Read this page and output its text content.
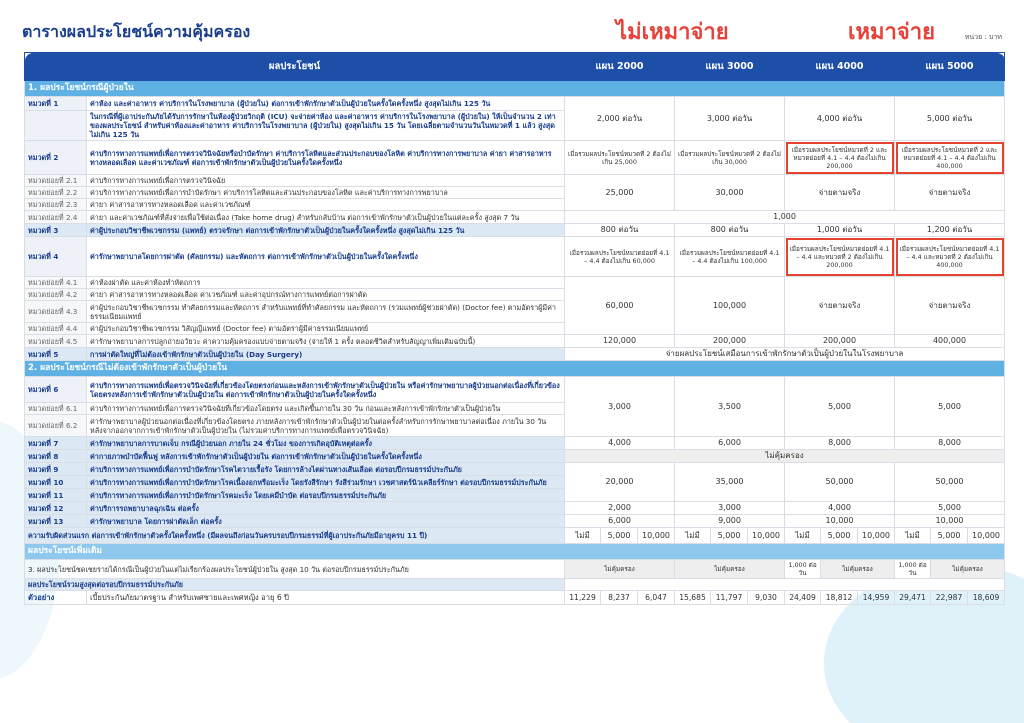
ตารางผลประโยชน์ความคุ้มครอง	ไม่เหมาจ่าย	เหมาจ่าย	หน่วย : บาท
ผลประโยชน์		แผน 2000			แผน 3000			แผน 4000			แผน 5000		
1. ผลประโยชน์กรณีผู้ป่วยใน													
หมวดที่ 1	ค่าห้อง และค่าอาหาร ค่าบริการในโรงพยาบาล (ผู้ป่วยใน) ต่อการเข้าพักรักษาตัวเป็นผู้ป่วยในครั้งใดครั้งหนึ่ง สูงสุดไม่เกิน 125 วัน	2,000 ต่อวัน			3,000 ต่อวัน			4,000 ต่อวัน			5,000 ต่อวัน		
	ในกรณีที่ผู้เอาประกันภัยได้รับการรักษาในห้องผู้ป่วยวิกฤติ (ICU) จะจ่ายค่าห้อง และค่าอาหาร ค่าบริการในโรงพยาบาล (ผู้ป่วยใน) ให้เป็นจำนวน 2 เท่าของผลประโยชน์ สำหรับค่าห้องและค่าอาหาร ค่าบริการในโรงพยาบาล (ผู้ป่วยใน) สูงสุดไม่เกิน 15 วัน โดยเฉลี่ยตามจำนวนวันในหมวดที่ 1 แล้ว สูงสุดไม่เกิน 125 วัน												
หมวดที่ 2	ค่าบริการทางการแพทย์เพื่อการตรวจวินิจฉัยหรือบำบัดรักษา ค่าบริการโลหิตและส่วนประกอบของโลหิต ค่าบริการทางการพยาบาล ค่ายา ค่าสารอาหารทางหลอดเลือด และค่าเวชภัณฑ์ ต่อการเข้าพักรักษาตัวเป็นผู้ป่วยในครั้งใดครั้งหนึ่ง	เมื่อรวมผลประโยชน์หมวดที่ 2 ต้องไม่เกิน 25,000			เมื่อรวมผลประโยชน์หมวดที่ 2 ต้องไม่เกิน 30,000			เมื่อรวมผลประโยชน์หมวดที่ 2 และหมวดย่อยที่ 4.1 – 4.4 ต้องไม่เกิน 200,000			เมื่อรวมผลประโยชน์หมวดที่ 2 และหมวดย่อยที่ 4.1 – 4.4 ต้องไม่เกิน 400,000		
หมวดย่อยที่ 2.1	ค่าบริการทางการแพทย์เพื่อการตรวจวินิจฉัย	25,000			30,000			จ่ายตามจริง			จ่ายตามจริง		
หมวดย่อยที่ 2.2	ค่าบริการทางการแพทย์เพื่อการบำบัดรักษา ค่าบริการโลหิตและส่วนประกอบของโลหิต และค่าบริการทางการพยาบาล												
หมวดย่อยที่ 2.3	ค่ายา ค่าสารอาหารทางหลอดเลือด และค่าเวชภัณฑ์												
หมวดย่อยที่ 2.4	ค่ายา และค่าเวชภัณฑ์ที่สั่งจ่ายเพื่อใช้ต่อเนื่อง (Take home drug) สำหรับกลับบ้าน ต่อการเข้าพักรักษาตัวเป็นผู้ป่วยในแต่ละครั้ง สูงสุด 7 วัน	1,000											
หมวดที่ 3	ค่าผู้ประกอบวิชาชีพเวชกรรม (แพทย์) ตรวจรักษา ต่อการเข้าพักรักษาตัวเป็นผู้ป่วยในครั้งใดครั้งหนึ่ง สูงสุดไม่เกิน 125 วัน	800 ต่อวัน			800 ต่อวัน			1,000 ต่อวัน			1,200 ต่อวัน		
หมวดที่ 4	ค่ารักษาพยาบาลโดยการผ่าตัด (ศัลยกรรม) และหัตถการ ต่อการเข้าพักรักษาตัวเป็นผู้ป่วยในครั้งใดครั้งหนึ่ง	เมื่อรวมผลประโยชน์หมวดย่อยที่ 4.1 – 4.4 ต้องไม่เกิน 60,000			เมื่อรวมผลประโยชน์หมวดย่อยที่ 4.1 – 4.4 ต้องไม่เกิน 100,000			เมื่อรวมผลประโยชน์หมวดย่อยที่ 4.1 – 4.4 และหมวดที่ 2 ต้องไม่เกิน 200,000			เมื่อรวมผลประโยชน์หมวดย่อยที่ 4.1 – 4.4 และหมวดที่ 2 ต้องไม่เกิน 400,000		
หมวดย่อยที่ 4.1	ค่าห้องผ่าตัด และค่าห้องทำหัตถการ	60,000			100,000			จ่ายตามจริง			จ่ายตามจริง		
หมวดย่อยที่ 4.2	ค่ายา ค่าสารอาหารทางหลอดเลือด ค่าเวชภัณฑ์ และค่าอุปกรณ์ทางการแพทย์ต่อการผ่าตัด												
หมวดย่อยที่ 4.3	ค่าผู้ประกอบวิชาชีพเวชกรรม ทำศัลยกรรมและหัตถการ สำหรับแพทย์ที่ทำศัลยกรรม และหัตถการ (รวมแพทย์ผู้ช่วยผ่าตัด) (Doctor fee) ตามอัตราผู้มีค่าธรรมเนียมแพทย์												
หมวดย่อยที่ 4.4	ค่าผู้ประกอบวิชาชีพเวชกรรม วิสัญญีแพทย์ (Doctor fee) ตามอัตราผู้มีค่าธรรมเนียมแพทย์												
หมวดย่อยที่ 4.5	ค่ารักษาพยาบาลการปลูกถ่ายอวัยวะ ค่าความคุ้มครองแบบจ่ายตามจริง (จ่ายให้ 1 ครั้ง ตลอดชีวิตสำหรับสัญญาเพิ่มเติมฉบับนี้)	120,000			200,000			200,000			400,000		
หมวดที่ 5	การผ่าตัดใหญ่ที่ไม่ต้องเข้าพักรักษาตัวเป็นผู้ป่วยใน (Day Surgery)	จ่ายผลประโยชน์เสมือนการเข้าพักรักษาตัวเป็นผู้ป่วยในในโรงพยาบาล											
2. ผลประโยชน์กรณีไม่ต้องเข้าพักรักษาตัวเป็นผู้ป่วยใน													
หมวดที่ 6	ค่าบริการทางการแพทย์เพื่อตรวจวินิจฉัยที่เกี่ยวข้องโดยตรงก่อนและหลังการเข้าพักรักษาตัวเป็นผู้ป่วยใน หรือค่ารักษาพยาบาลผู้ป่วยนอกต่อเนื่องที่เกี่ยวข้องโดยตรงหลังการเข้าพักรักษาตัวเป็นผู้ป่วยใน ต่อการเข้าพักรักษาตัวเป็นผู้ป่วยในครั้งใดครั้งหนึ่ง	3,000			3,500			5,000			5,000		
หมวดย่อยที่ 6.1	ค่าบริการทางการแพทย์เพื่อการตรวจวินิจฉัยที่เกี่ยวข้องโดยตรง และเกิดขึ้นภายใน 30 วัน ก่อนและหลังการเข้าพักรักษาตัวเป็นผู้ป่วยใน												
หมวดย่อยที่ 6.2	ค่ารักษาพยาบาลผู้ป่วยนอกต่อเนื่องที่เกี่ยวข้องโดยตรง ภายหลังการเข้าพักรักษาตัวเป็นผู้ป่วยในต่อครั้งสำหรับการรักษาพยาบาลต่อเนื่อง ภายใน 30 วัน หลังจากออกจากการเข้าพักรักษาตัวเป็นผู้ป่วยใน (ไม่รวมค่าบริการทางการแพทย์เพื่อตรวจวินิจฉัย)												
หมวดที่ 7	ค่ารักษาพยาบาลการบาดเจ็บ กรณีผู้ป่วยนอก ภายใน 24 ชั่วโมง ของการเกิดอุบัติเหตุต่อครั้ง	4,000			6,000			8,000			8,000		
หมวดที่ 8	ค่ากายภาพบำบัดฟื้นฟู หลังการเข้าพักรักษาตัวเป็นผู้ป่วยใน ต่อการเข้าพักรักษาตัวเป็นผู้ป่วยในครั้งใดครั้งหนึ่ง	ไม่คุ้มครอง											
หมวดที่ 9	ค่าบริการทางการแพทย์เพื่อการบำบัดรักษาโรคไตวายเรื้อรัง โดยการล้างไตผ่านทางเส้นเลือด ต่อรอบปีกรมธรรม์ประกันภัย	20,000			35,000			50,000			50,000		
หมวดที่ 10	ค่าบริการทางการแพทย์เพื่อการบำบัดรักษาโรคเนื้องอกหรือมะเร็ง โดยรังสีรักษา รังสีร่วมรักษา เวชศาสตร์นิวเคลียร์รักษา ต่อรอบปีกรมธรรม์ประกันภัย												
หมวดที่ 11	ค่าบริการทางการแพทย์เพื่อการบำบัดรักษาโรคมะเร็ง โดยเคมีบำบัด ต่อรอบปีกรมธรรม์ประกันภัย												
หมวดที่ 12	ค่าบริการรถพยาบาลฉุกเฉิน ต่อครั้ง	2,000			3,000			4,000			5,000		
หมวดที่ 13	ค่ารักษาพยาบาล โดยการผ่าตัดเล็ก ต่อครั้ง	6,000			9,000			10,000			10,000		
ความรับผิดส่วนแรก ต่อการเข้าพักรักษาตัวครั้งใดครั้งหนึ่ง (มีผลจนถึงก่อนวันครบรอบปีกรมธรรม์ที่ผู้เอาประกันภัยมีอายุครบ 11 ปี)		ไม่มี	5,000	10,000	ไม่มี	5,000	10,000	ไม่มี	5,000	10,000	ไม่มี	5,000	10,000
ผลประโยชน์เพิ่มเติม													
3. ผลประโยชน์ชดเชยรายได้กรณีเป็นผู้ป่วยในแต่ไม่เรียกร้องผลประโยชน์ผู้ป่วยใน สูงสุด 10 วัน ต่อรอบปีกรมธรรม์ประกันภัย		ไม่คุ้มครอง			ไม่คุ้มครอง			1,000 ต่อวัน	ไม่คุ้มครอง		1,000 ต่อวัน	ไม่คุ้มครอง	
ผลประโยชน์รวมสูงสุดต่อรอบปีกรมธรรม์ประกันภัย													
ตัวอย่าง	เบี้ยประกันภัยมาตรฐาน สำหรับเพศชายและเพศหญิง อายุ 6 ปี	11,229	8,237	6,047	15,685	11,797	9,030	24,409	18,812	14,959	29,471	22,987	18,609
